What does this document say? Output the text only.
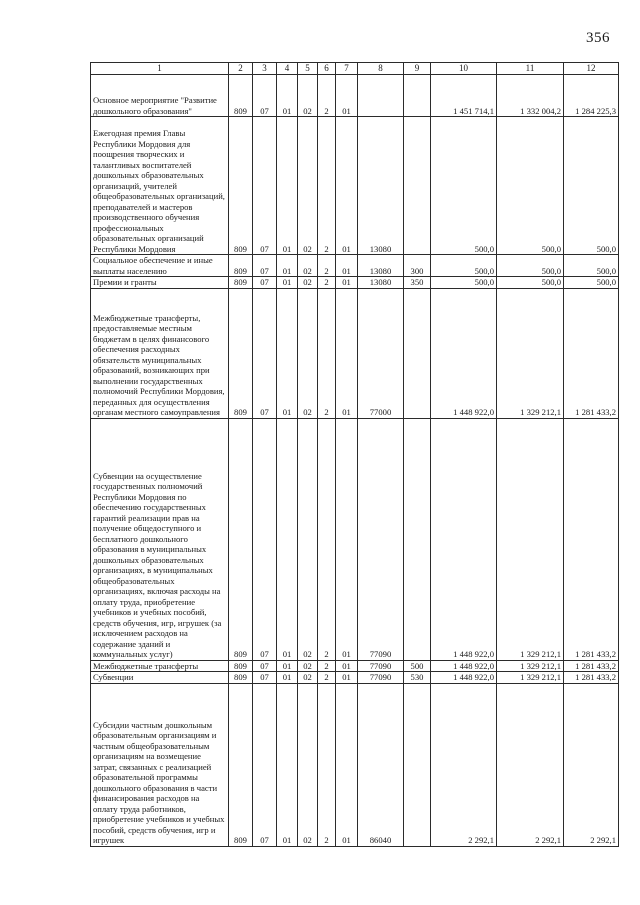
356
1	2	3	4	5	6	7	8	9	10	11	12
Основное мероприятие "Развитие дошкольного образования"	809	07	01	02	2	01			1 451 714,1	1 332 004,2	1 284 225,3
Ежегодная премия Главы Республики Мордовия для поощрения творческих и талантливых воспитателей дошкольных образовательных организаций, учителей общеобразовательных организаций, преподавателей и мастеров производственного обучения профессиональных образовательных организаций Республики Мордовия	809	07	01	02	2	01	13080		500,0	500,0	500,0
Социальное обеспечение и иные выплаты населению	809	07	01	02	2	01	13080	300	500,0	500,0	500,0
Премии и гранты	809	07	01	02	2	01	13080	350	500,0	500,0	500,0
Межбюджетные трансферты, предоставляемые местным бюджетам в целях финансового обеспечения расходных обязательств муниципальных образований, возникающих при выполнении государственных полномочий Республики Мордовия, переданных для осуществления органам местного самоуправления	809	07	01	02	2	01	77000		1 448 922,0	1 329 212,1	1 281 433,2
Субвенции на осуществление государственных полномочий Республики Мордовия по обеспечению государственных гарантий реализации прав на получение общедоступного и бесплатного дошкольного образования в муниципальных дошкольных образовательных организациях, в муниципальных общеобразовательных организациях, включая расходы на оплату труда, приобретение учебников и учебных пособий, средств обучения, игр, игрушек (за исключением расходов на содержание зданий и коммунальных услуг)	809	07	01	02	2	01	77090		1 448 922,0	1 329 212,1	1 281 433,2
Межбюджетные трансферты	809	07	01	02	2	01	77090	500	1 448 922,0	1 329 212,1	1 281 433,2
Субвенции	809	07	01	02	2	01	77090	530	1 448 922,0	1 329 212,1	1 281 433,2
Субсидии частным дошкольным образовательным организациям и частным общеобразовательным организациям на возмещение затрат, связанных с реализацией образовательной программы дошкольного образования в части финансирования расходов на оплату труда работников, приобретение учебников и учебных пособий, средств обучения, игр и игрушек	809	07	01	02	2	01	86040		2 292,1	2 292,1	2 292,1
